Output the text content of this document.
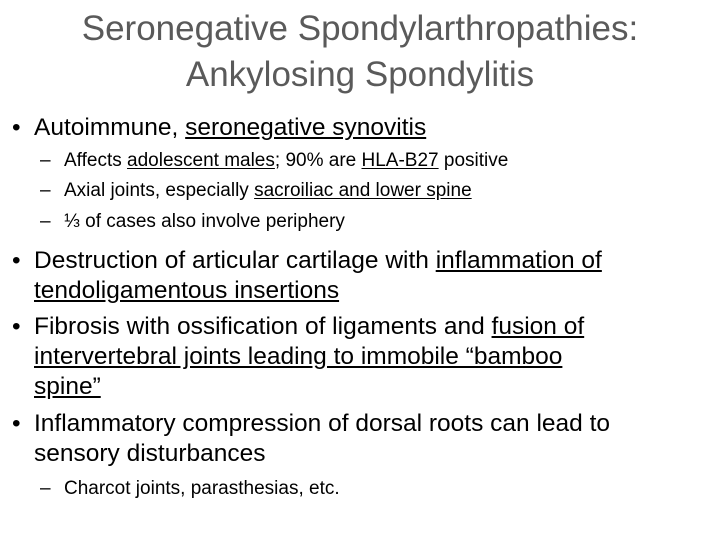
Seronegative Spondylarthropathies:
Ankylosing Spondylitis
• Autoimmune, seronegative synovitis
– Affects adolescent males; 90% are HLA-B27 positive
– Axial joints, especially sacroiliac and lower spine
– ⅓ of cases also involve periphery
• Destruction of articular cartilage with inflammation of
tendoligamentous insertions
• Fibrosis with ossification of ligaments and fusion of
intervertebral joints leading to immobile “bamboo
spine”
• Inflammatory compression of dorsal roots can lead to
sensory disturbances
– Charcot joints, parasthesias, etc.
